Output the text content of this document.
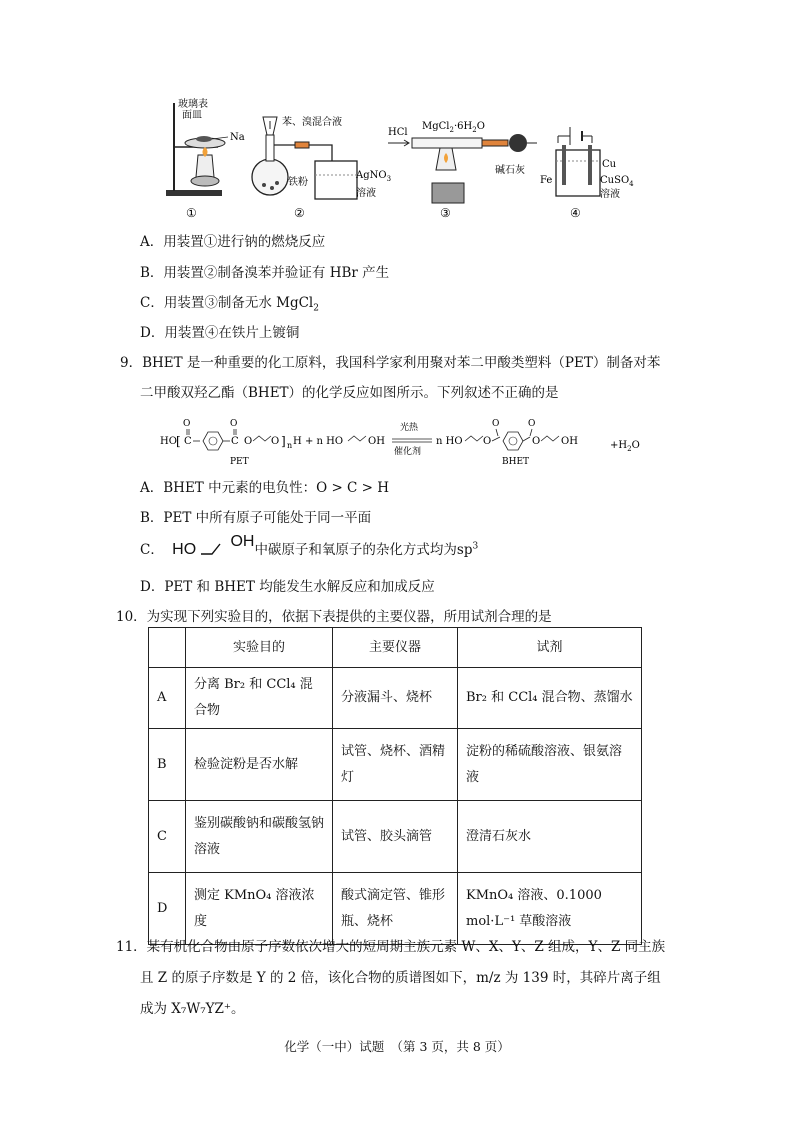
玻璃表 面皿
Na
苯、溴混合液
铁粉
AgNO$_3$
溶液
HCl
$MgCl_2\cdot 6H_2O$
碱石灰
Fe
Cu
CuSO$_4$
溶液
①	②	③	④
A．用装置①进行钠的燃烧反应
B．用装置②制备溴苯并验证有 HBr 产生
C．用装置③制备无水 MgCl$_2$
D．用装置④在铁片上镀铜
9．BHET 是一种重要的化工原料，我国科学家利用聚对苯二甲酸类塑料（PET）制备对苯
二甲酸双羟乙酯（BHET）的化学反应如图所示。下列叙述不正确的是
HO [ C
O
C
O
O O ] n H
PET
+ n HO OH
光热
催化剂
n HO O
O	O
O OH
BHET
$+H_2O$
A．BHET 中元素的电负性：O > C > H
B．PET 中所有原子可能处于同一平面
C． HO OH中碳原子和氧原子的杂化方式均为$sp^3$
D．PET 和 BHET 均能发生水解反应和加成反应
10．为实现下列实验目的，依据下表提供的主要仪器，所用试剂合理的是
	实验目的	主要仪器	试剂
A	分离 Br₂ 和 CCl₄ 混合物	分液漏斗、烧杯	Br₂ 和 CCl₄ 混合物、蒸馏水
B	检验淀粉是否水解	试管、烧杯、酒精灯	淀粉的稀硫酸溶液、银氨溶液
C	鉴别碳酸钠和碳酸氢钠溶液	试管、胶头滴管	澄清石灰水
D	测定 KMnO₄ 溶液浓度	酸式滴定管、锥形瓶、烧杯	KMnO₄ 溶液、0.1000 mol·L⁻¹ 草酸溶液
11．某有机化合物由原子序数依次增大的短周期主族元素 W、X、Y、Z 组成，Y、Z 同主族
且 Z 的原子序数是 Y 的 2 倍，该化合物的质谱图如下，m/z 为 139 时，其碎片离子组
成为 X₇W₇YZ⁺。
化学（一中）试题　（第 3 页，共 8 页）
